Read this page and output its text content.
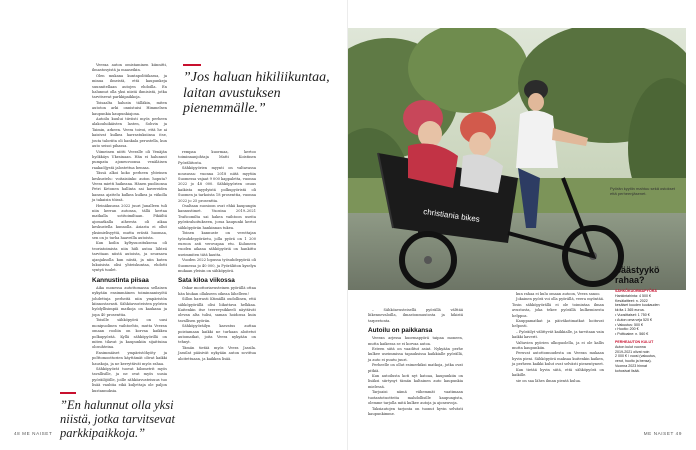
Veeraa auton omistaminen kiinnitti, ilmastosyistä ja maaseikin.

Olen mukana kuntapolitiikassa, ja minua ilmeistä, että kaupunkeja suunnitellaan autojen ehdoilla. En halunnut olla yksi niistä ihmisistä, jotka tarvitsevat parkkipaikkoja.

Toisaalta halusin tälläkin, miten autoton arki onnistuisi Himmelsen kaupunkia kaupunkiajona.

Autoilu kuului tiiviisti myös perheen alakouluikäisten lasten, Sohvin ja Taimin, arkeen. Veera toivoi, että he ai kaisivat kulkea harrastuksiinsa itse, jouta taloriita oli hankala perustella, kun auto seisoi pihassa.

Viimeinen niitti Veeralle oli Venäjän hyökkäys Ukrainaan. Hän ei halunnut pumpata ajoneuvoonsa venäläisen raakaöljystä jalostettua bensaa.

Tässä alkoi koko perheen yhteinen keskustelu: voitaisiinko auton hoputa? Veera mietti haikeana. Hänen puolisonsa Petri Ketonen hallinta sai kavereiden kanssa ajattelu kulkea kulkea ja viikolla ja takaisin töissä.

Heinäkuussa 2022 juuri Junalleen tuli niin kerran autonsa, tällä kertaa matkalla sotitoimiltaan. Pikäiltä ajomatkalla aiheesta oli aikaa keskustella kunnolla. Asiasta ei ollut yksimielisyyttä, mutta erästä huomaa, sen on jo turha haaveilla autoista.

Kun koilin kyltysuosituksena oli teoriatoimista niin hiili autoa lähteä tarvitaan niistä autoista, ja seuraava ajanjaksolla kun niistä, ja niin kuten lukuisista olisi yhteiskuntaa, ehdotti syntyä tuulet.

Kannustinta piisaa

Aika monessa autottomassa sellaisen nykyään ensimmäinen toiminnanisyötä johdettuja perheitä niin ympäristön kiinnostavasti. Sähköavusteisten pyörien hyödyllisimpiä matkoja on kaukana ja jopa 40 prosenttia.

Toisille sähköpyörä on uusi monipuolinen vaihtoehto, mutta Veeran omaan rooliin on korvaa kaikkea polkupyörää. Kyllä sähköpyörillä on miten tilavat ja kaupunkiin sijaittuina olosuhteina.

Ensimmäiset ympäristöhyöty ja polttomoottorien käyttämät olivat kaikki hauskoja, ja ne kerryttävät myös rahaa.

Sähköpyörät tuovat kilometrit myös tavallisille, ja ne ovat myös uusia pyöräilijöille, joille sähköavusteisuus tuo lisää vauhtia eikä kuljettaja ole paljon kustannuksia.

”Jos haluan hikiliikuntaa, laitan avustuksen pienemmälle.”

rempaa kuormaa, kertoo toiminnanjohtaja Matti Koistinen Pyöräliitosta.

Sähköpyörien myynti on valtavassa nousussa: vuonna 2018 niitä myytiin Suomessa vajaat 9 000 kappaletta, vuonna 2022 jo 48 000. Sähköpyörien osuus kaikista myydyistä polkupyöristä oli Suomen ja tarkoista 18 prosenttia, vuonna 2022 jo 25 prosenttia.

Osaltaan suosioon ovat ehkä kaupungin kannustimet. Vuosina 2019–2021 Traficomilta sai hakea vaihtoon useita pyörärahoitukseen, jossa kaupunki kertoi sähköpyörän hankinnan tukea.

Toinen kannuste on verottajan työsuhdepyöräetu, jolla pyörä on 1 200 euroon asti verovapaa etu. Kuluneen vuoden aikana sähköpyöriä on hankittu useimmiten tätä kautta.

Vuoden 2022 lopussa työsuhdepyöriä oli Suomessa jo 40 000, ja Pyöräliiton kyselyn mukaan yleisin on sähköpyörä.

Sata kiloa viikossa

Oskar moottoriavusteinen pyörällä ottaa hän hiukan ollakseen oikeaa lähelleen!

Sillon harrasti Ktimällä oudollinen, että sähköpyörällä olisi liikuttava helkkaa. Kuitenkin itse teerevysikkeeli näyttävät olevan alta tulisi, saman hoidossa kuin tavallisen pyörän.

Sähköpyöräilyn kasvatus auttaa poistamaan kaikki ne turhaan aloitetut automatkat, joita Veera nykyään on tehnyt.

Tämän tietää myös Veera Jassila. Jassilat pääsivät nykyään auton sovittua aloitettuaan, ja kaikkea lisää.

”En halunnut olla yksi niistä, jotka tarvitsevat parkkipaikkoja.”
48 ME NAISET
christiania bikes
Pyörän kyytiin mahtuu sekä ostokset että perheenjäsenet.

– Sähköavusteisellä pyörällä välttää liikennevaloilla, ilmastonmuutosta ja hikistä tarpeetonta.

Autoilu on paikkansa

Veeran arjessa kuormapyörä taipaa moneen, mutta kaikessa se ei korvaa autoa.

Esteen siitä on vaaditut asiat. Nykyään perhe kulkee useimmissa tapauksissa kaikkialle pyörällä, ja auto ei puutu juuri.

Perheelle on ollut esimerkiksi matkoja, jotka ovat pitkiä.

Kun autoilusta koti nyt katoaa, kaupunkiin on lisäksi siirtynyt tämän kaltainen auto kaupunkia mielessä.

Tarjoaisi nämä vähemmät vaatimaan tuotantotuotteita mahdollisille kaupungista, olemme tarjolla mitä kulkee autoja ja ajoneuvoja.

Taksiautojen tarjonta on tuonut hyvin selvästi kaupunkimme.

kun rahaa ei kulu omaan autoon, Veera sanoo.

Jokainen pyörä voi olla pyörällä, veera myöntää. Tosin sähköpyörällä ei ole toimintaa ilman avustusta, joka tekee pyörällä kulkemisesta helppoa.

Kauppamatkat ja päiväkotimatkat hoituvat helposti.

– Pyöräilyt välittyvät kaikkialle, ja tarvitaan vain kaikki kaverit.

Valtavien pyörien ulkopuolella, ja ei ole kallis mutta kaupunkiin.

Peruvat autottomuudesta on Veeran mukaan hyvin pieni. Sähköpyörä maksaa kuitenkin kaiken, ja perheen kaikki kulut ovat selvästi pienentyneet.

Kun tietää hyvin siitä, että sähköpyörä on kaikille.

sie on saa lähes ilman pientä kulua.

Säästyykö rahaa?
SÄHKÖKUORMAPYÖRÄ
Hankintahinta: 4 500 €
Kesälaitteet: n. 2022
kesäiset kuuden kuukauden
kk:lta 1 365 euroa.
• Vuosittaiset: 1 750 €
• Auton oma veja 520 €
• Vakuutus: 500 €
• Huolto: 200 €
• Polttoaine: n. 560 €
PERHEAUTON KULUT
Auton kulut vuonna
2019-2021 olivat noin
2 000 € / vuosi (vakuutus,
verot, huolto ja bensa).
Vuonna 2023 hinnat
kohosivat lisää.
ME NAISET 49
